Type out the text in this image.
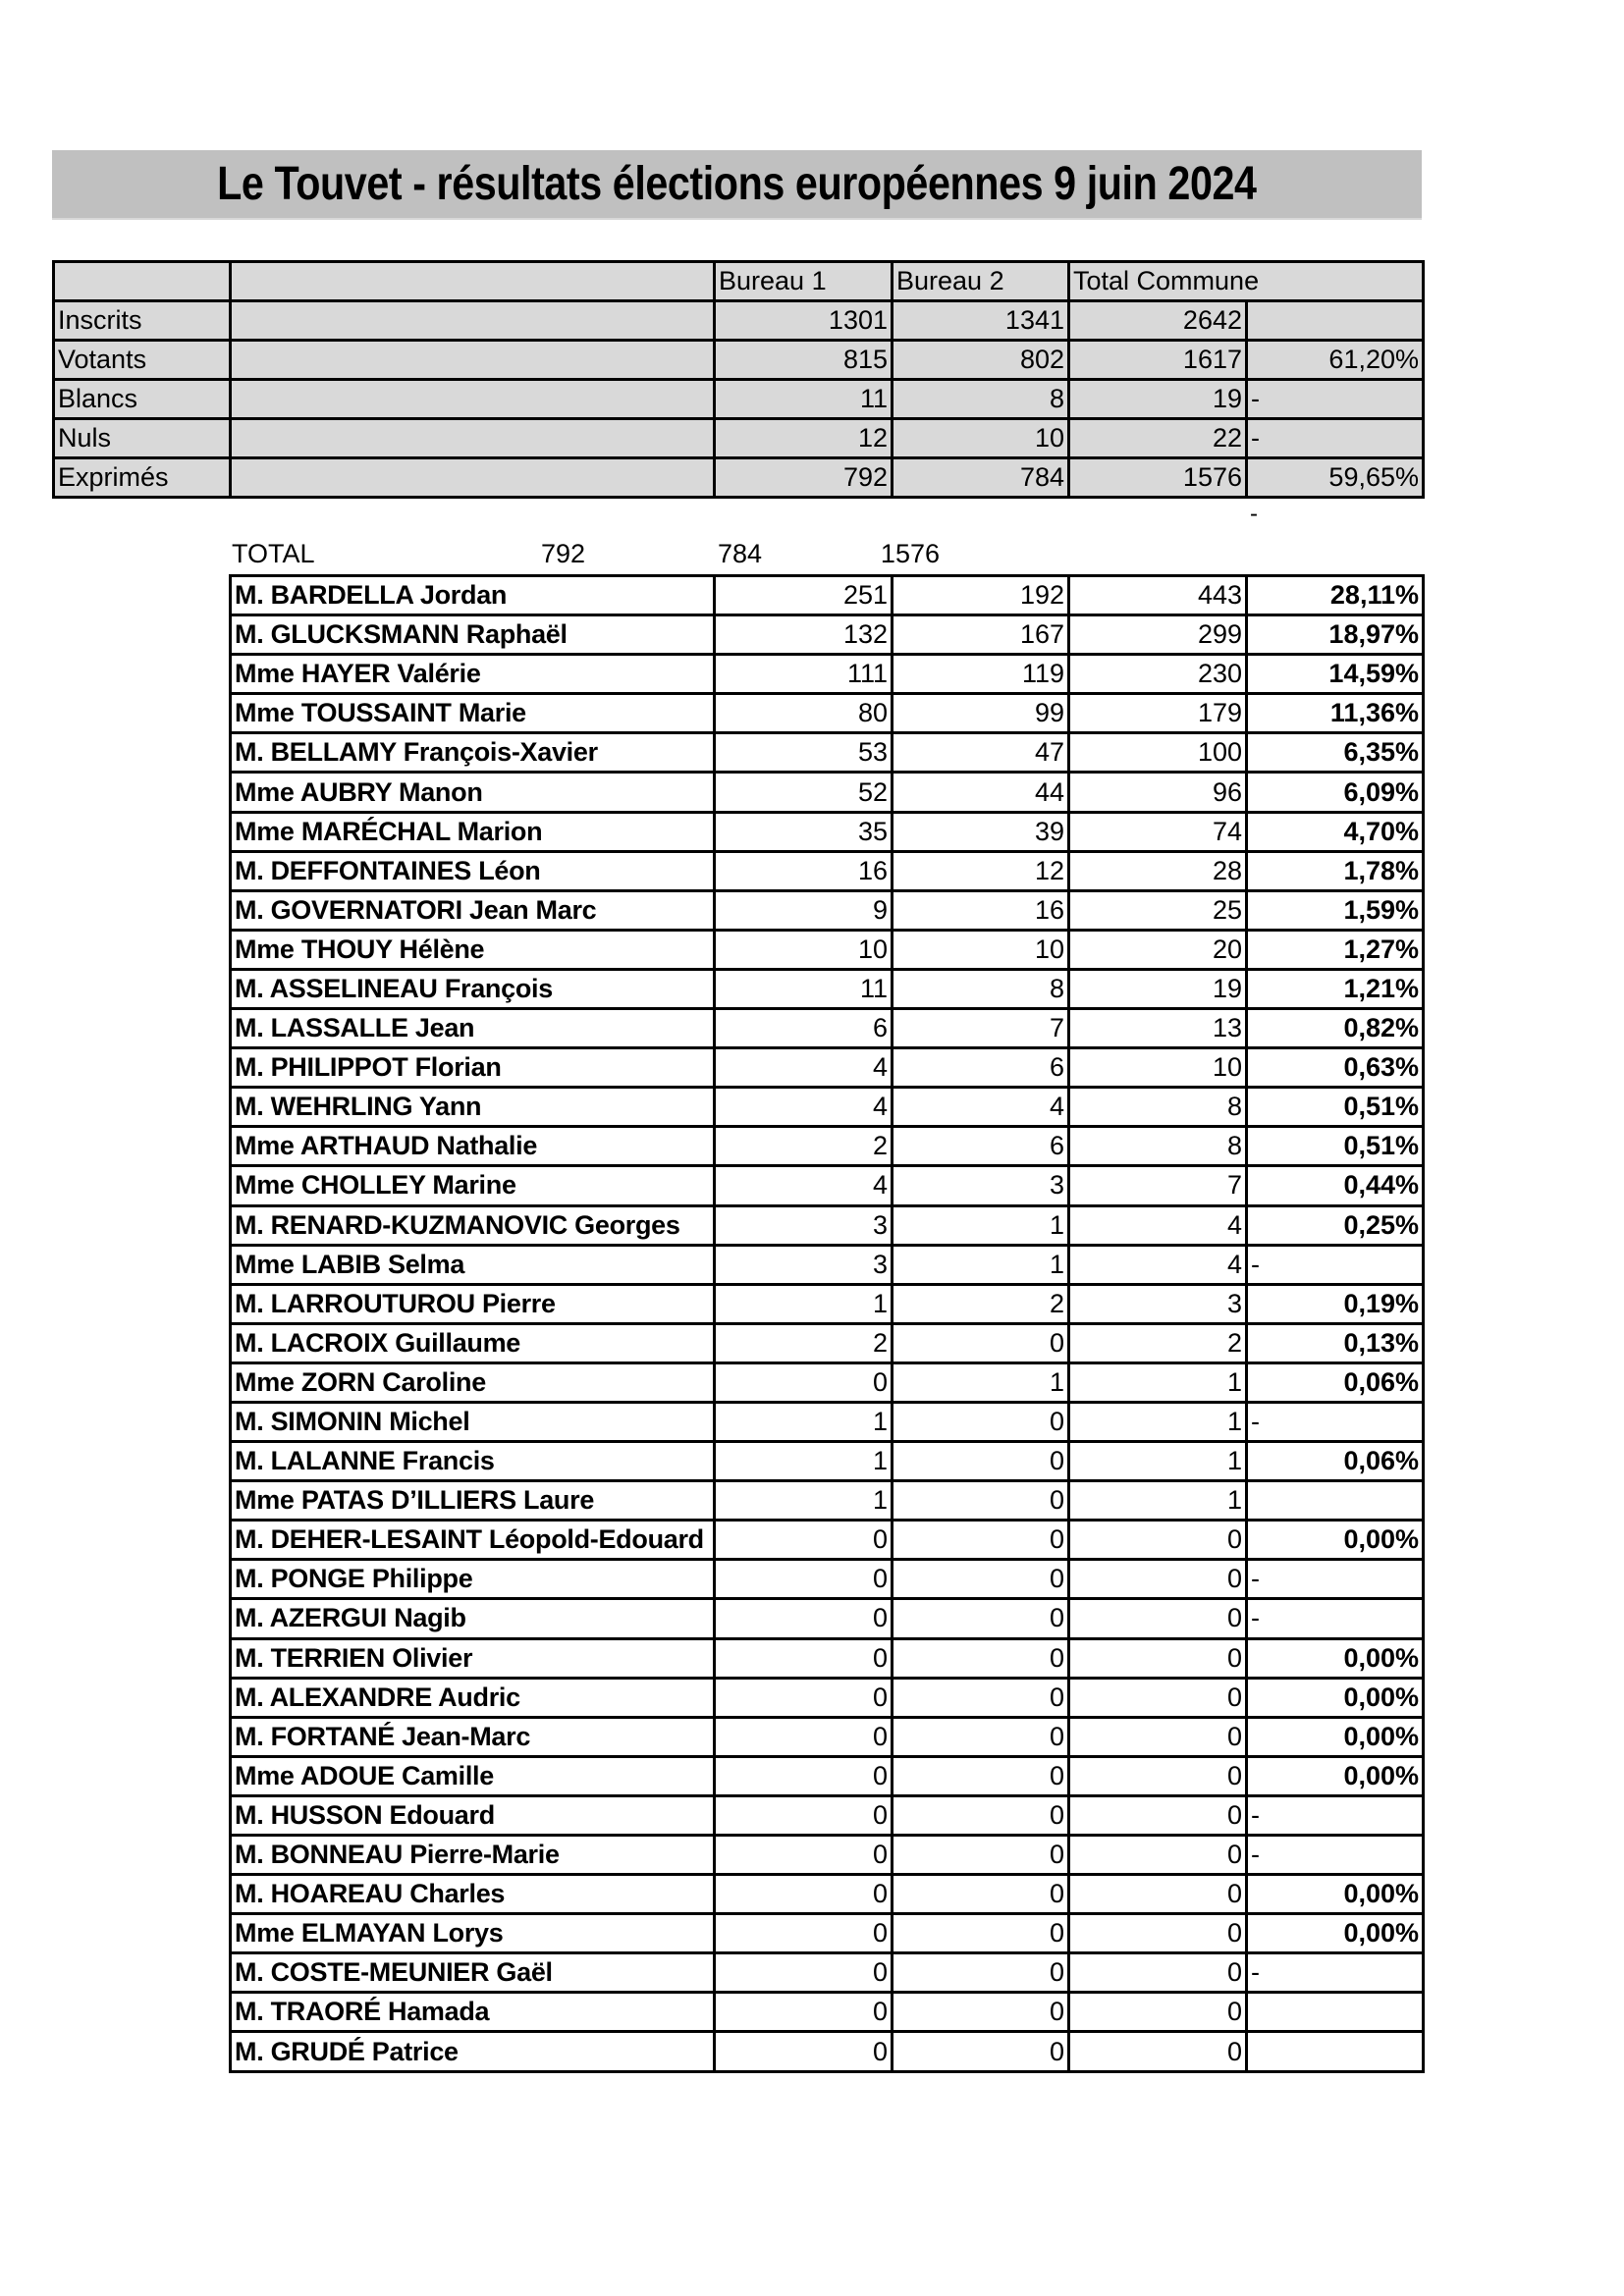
Le Touvet - résultats élections européennes 9 juin 2024
		Bureau 1	Bureau 2	Total Commune	
Inscrits		1301	1341	2642	
Votants		815	802	1617	61,20%
Blancs		11	8	19	-
Nuls		12	10	22	-
Exprimés		792	784	1576	59,65%
-
TOTAL	792	784	1576
M. BARDELLA Jordan	251	192	443	28,11%
M. GLUCKSMANN Raphaël	132	167	299	18,97%
Mme HAYER Valérie	111	119	230	14,59%
Mme TOUSSAINT Marie	80	99	179	11,36%
M. BELLAMY François-Xavier	53	47	100	6,35%
Mme AUBRY Manon	52	44	96	6,09%
Mme MARÉCHAL Marion	35	39	74	4,70%
M. DEFFONTAINES Léon	16	12	28	1,78%
M. GOVERNATORI Jean Marc	9	16	25	1,59%
Mme THOUY Hélène	10	10	20	1,27%
M. ASSELINEAU François	11	8	19	1,21%
M. LASSALLE Jean	6	7	13	0,82%
M. PHILIPPOT Florian	4	6	10	0,63%
M. WEHRLING Yann	4	4	8	0,51%
Mme ARTHAUD Nathalie	2	6	8	0,51%
Mme CHOLLEY Marine	4	3	7	0,44%
M. RENARD-KUZMANOVIC Georges	3	1	4	0,25%
Mme LABIB Selma	3	1	4	-
M. LARROUTUROU Pierre	1	2	3	0,19%
M. LACROIX Guillaume	2	0	2	0,13%
Mme ZORN Caroline	0	1	1	0,06%
M. SIMONIN Michel	1	0	1	-
M. LALANNE Francis	1	0	1	0,06%
Mme PATAS D’ILLIERS Laure	1	0	1	
M. DEHER-LESAINT Léopold-Edouard	0	0	0	0,00%
M. PONGE Philippe	0	0	0	-
M. AZERGUI Nagib	0	0	0	-
M. TERRIEN Olivier	0	0	0	0,00%
M. ALEXANDRE Audric	0	0	0	0,00%
M. FORTANÉ Jean-Marc	0	0	0	0,00%
Mme ADOUE Camille	0	0	0	0,00%
M. HUSSON Edouard	0	0	0	-
M. BONNEAU Pierre-Marie	0	0	0	-
M. HOAREAU Charles	0	0	0	0,00%
Mme ELMAYAN Lorys	0	0	0	0,00%
M. COSTE-MEUNIER Gaël	0	0	0	-
M. TRAORÉ Hamada	0	0	0	
M. GRUDÉ Patrice	0	0	0	
